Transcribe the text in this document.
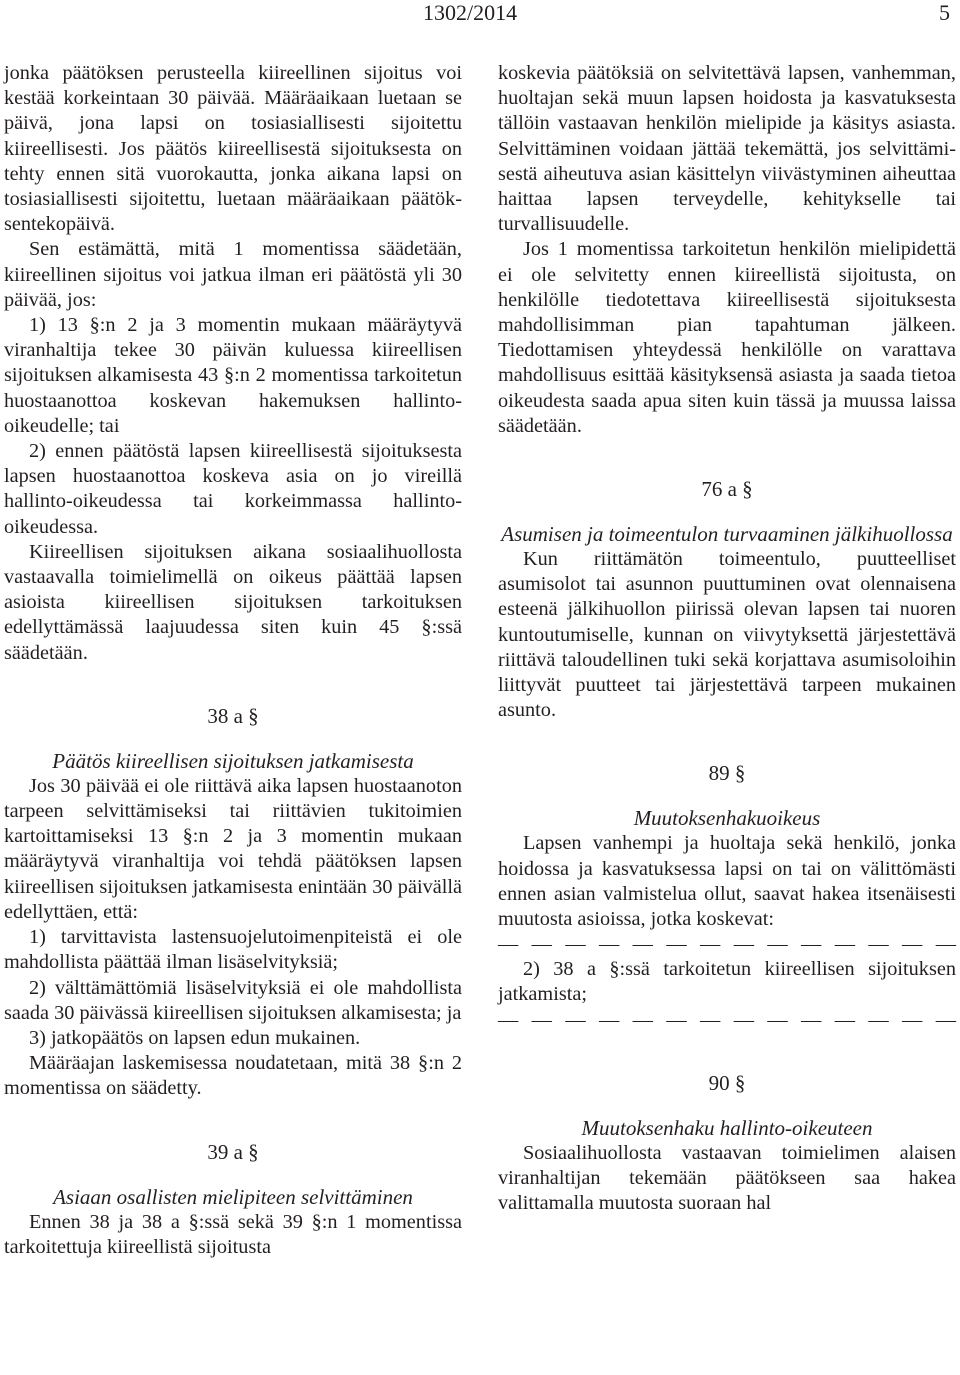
1302/2014	5

jonka päätöksen perusteella kiireellinen sijoitus voi kestää korkeintaan 30 päivää. Määräaikaan luetaan se päivä, jona lapsi on tosiasiallisesti sijoitettu kiireellisesti. Jos päätös kiireellisestä sijoituksesta on tehty ennen sitä vuorokautta, jonka aikana lapsi on tosiasiallisesti sijoitettu, luetaan määräaikaan päätöksentekopäivä.

Sen estämättä, mitä 1 momentissa säädetään, kiireellinen sijoitus voi jatkua ilman eri päätöstä yli 30 päivää, jos:

1) 13 §:n 2 ja 3 momentin mukaan määräytyvä viranhaltija tekee 30 päivän kuluessa kiireellisen sijoituksen alkamisesta 43 §:n 2 momentissa tarkoitetun huostaanottoa koskevan hakemuksen hallinto-oikeudelle; tai

2) ennen päätöstä lapsen kiireellisestä sijoituksesta lapsen huostaanottoa koskeva asia on jo vireillä hallinto-oikeudessa tai korkeimmassa hallinto-oikeudessa.

Kiireellisen sijoituksen aikana sosiaalihuollosta vastaavalla toimielimellä on oikeus päättää lapsen asioista kiireellisen sijoituksen tarkoituksen edellyttämässä laajuudessa siten kuin 45 §:ssä säädetään.

38 a §
Päätös kiireellisen sijoituksen jatkamisesta

Jos 30 päivää ei ole riittävä aika lapsen huostaanoton tarpeen selvittämiseksi tai riittävien tukitoimien kartoittamiseksi 13 §:n 2 ja 3 momentin mukaan määräytyvä viranhaltija voi tehdä päätöksen lapsen kiireellisen sijoituksen jatkamisesta enintään 30 päivällä edellyttäen, että:

1) tarvittavista lastensuojelutoimenpiteistä ei ole mahdollista päättää ilman lisäselvityksiä;

2) välttämättömiä lisäselvityksiä ei ole mahdollista saada 30 päivässä kiireellisen sijoituksen alkamisesta; ja

3) jatkopäätös on lapsen edun mukainen.

Määräajan laskemisessa noudatetaan, mitä 38 §:n 2 momentissa on säädetty.

39 a §
Asiaan osallisten mielipiteen selvittäminen

Ennen 38 ja 38 a §:ssä sekä 39 §:n 1 momentissa tarkoitettuja kiireellistä sijoitusta

koskevia päätöksiä on selvitettävä lapsen, vanhemman, huoltajan sekä muun lapsen hoidosta ja kasvatuksesta tällöin vastaavan henkilön mielipide ja käsitys asiasta. Selvittäminen voidaan jättää tekemättä, jos selvittämisestä aiheutuva asian käsittelyn viivästyminen aiheuttaa haittaa lapsen terveydelle, kehitykselle tai turvallisuudelle.

Jos 1 momentissa tarkoitetun henkilön mielipidettä ei ole selvitetty ennen kiireellistä sijoitusta, on henkilölle tiedotettava kiireellisestä sijoituksesta mahdollisimman pian tapahtuman jälkeen. Tiedottamisen yhteydessä henkilölle on varattava mahdollisuus esittää käsityksensä asiasta ja saada tietoa oikeudesta saada apua siten kuin tässä ja muussa laissa säädetään.

76 a §
Asumisen ja toimeentulon turvaaminen jälkihuollossa

Kun riittämätön toimeentulo, puutteelliset asumisolot tai asunnon puuttuminen ovat olennaisena esteenä jälkihuollon piirissä olevan lapsen tai nuoren kuntoutumiselle, kunnan on viivytyksettä järjestettävä riittävä taloudellinen tuki sekä korjattava asumisoloihin liittyvät puutteet tai järjestettävä tarpeen mukainen asunto.

89 §
Muutoksenhakuoikeus

Lapsen vanhempi ja huoltaja sekä henkilö, jonka hoidossa ja kasvatuksessa lapsi on tai on välittömästi ennen asian valmistelua ollut, saavat hakea itsenäisesti muutosta asioissa, jotka koskevat:

— — — — — — — — — — — — — —

2) 38 a §:ssä tarkoitetun kiireellisen sijoituksen jatkamista;

— — — — — — — — — — — — — —

90 §
Muutoksenhaku hallinto-oikeuteen

Sosiaalihuollosta vastaavan toimielimen alaisen viranhaltijan tekemään päätökseen saa hakea valittamalla muutosta suoraan hal
